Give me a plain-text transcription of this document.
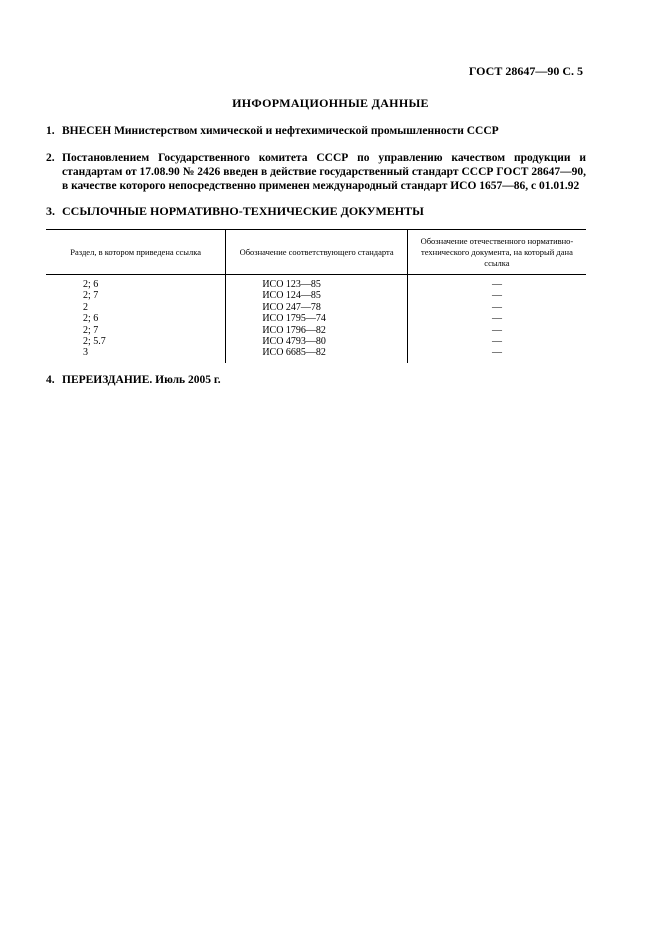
ГОСТ 28647—90 С. 5
ИНФОРМАЦИОННЫЕ ДАННЫЕ
1. ВНЕСЕН Министерством химической и нефтехимической промышленности СССР
2. Постановлением Государственного комитета СССР по управлению качеством продукции и стандартам от 17.08.90 № 2426 введен в действие государственный стандарт СССР ГОСТ 28647—90, в качестве которого непосредственно применен международный стандарт ИСО 1657—86, с 01.01.92
3. ССЫЛОЧНЫЕ НОРМАТИВНО-ТЕХНИЧЕСКИЕ ДОКУМЕНТЫ
Раздел, в котором приведена ссылка	Обозначение соответствующего стандарта	Обозначение отечественного нормативно-технического документа, на который дана ссылка
2; 6	ИСО 123—85	—
2; 7	ИСО 124—85	—
2	ИСО 247—78	—
2; 6	ИСО 1795—74	—
2; 7	ИСО 1796—82	—
2; 5.7	ИСО 4793—80	—
3	ИСО 6685—82	—
4. ПЕРЕИЗДАНИЕ. Июль 2005 г.
